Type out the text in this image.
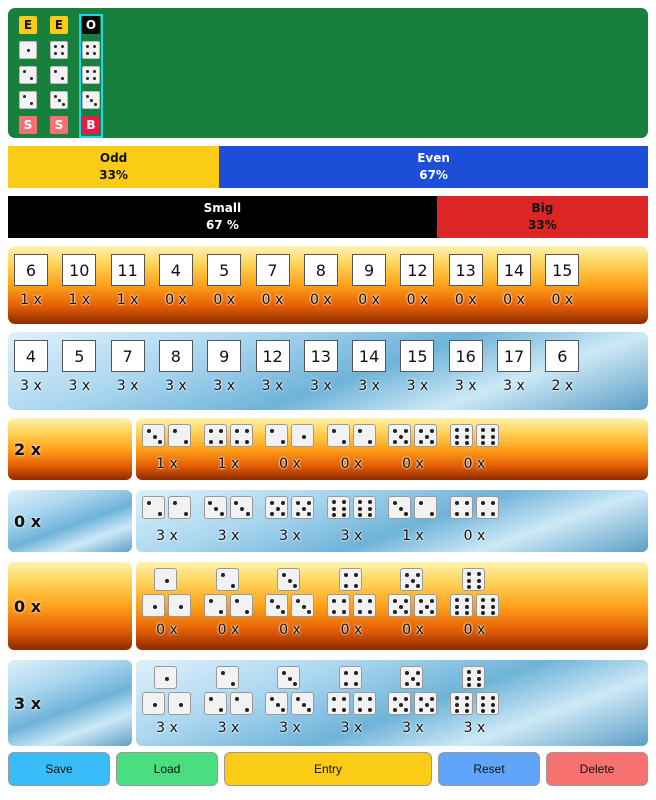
E
S
E
S
O
B
Odd
33%
Even
67%
Small
67 %
Big
33%
6
1 x
10
1 x
11
1 x
4
0 x
5
0 x
7
0 x
8
0 x
9
0 x
12
0 x
13
0 x
14
0 x
15
0 x
4
3 x
5
3 x
7
3 x
8
3 x
9
3 x
12
3 x
13
3 x
14
3 x
15
3 x
16
3 x
17
3 x
6
2 x
2 x
1 x	1 x	0 x	0 x	0 x	0 x
0 x
3 x	3 x	3 x	3 x	1 x	0 x
0 x
0 x	0 x	0 x	0 x	0 x	0 x
3 x
3 x	3 x	3 x	3 x	3 x	3 x
Save	Load	Entry	Reset	Delete
